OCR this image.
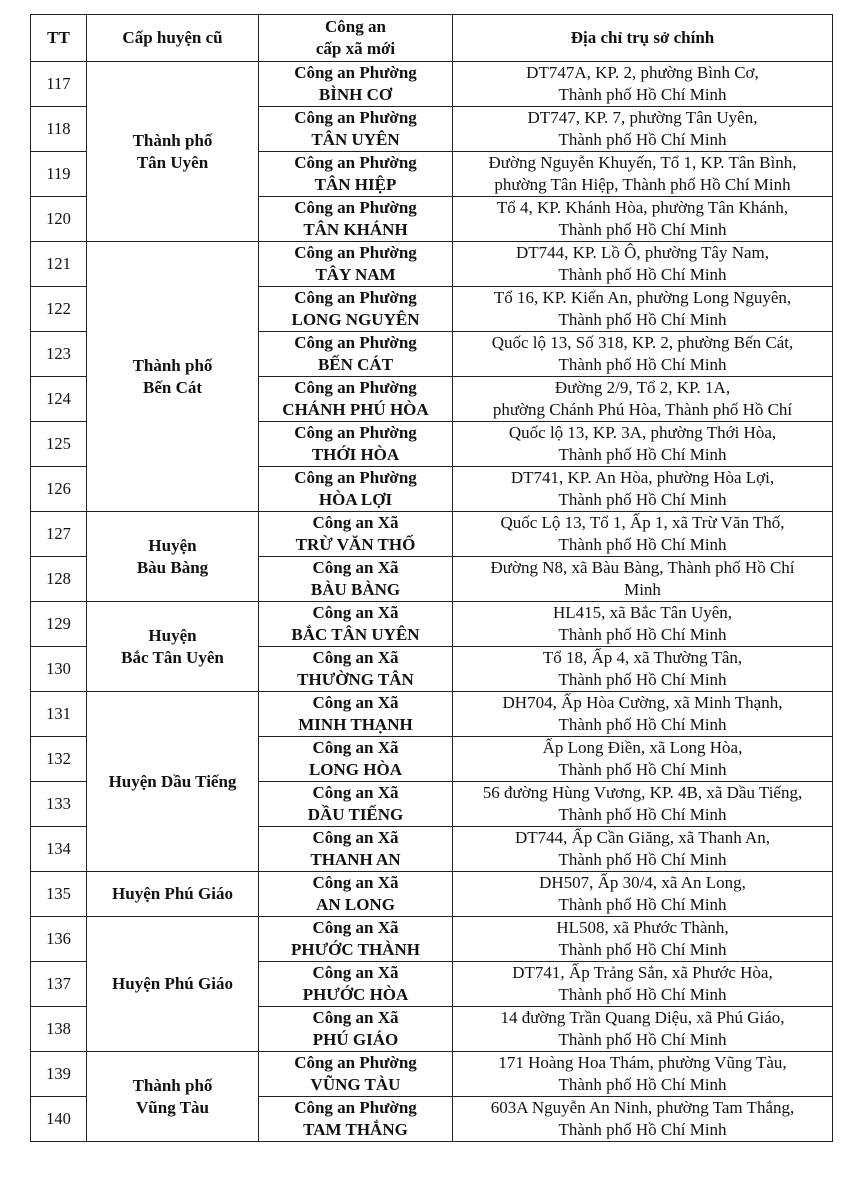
TT	Cấp huyện cũ	Công an
cấp xã mới	Địa chỉ trụ sở chính
117	Thành phố
Tân Uyên	Công an Phường
BÌNH CƠ	DT747A, KP. 2, phường Bình Cơ,
Thành phố Hồ Chí Minh

118		Công an Phường
TÂN UYÊN	DT747, KP. 7, phường Tân Uyên,
Thành phố Hồ Chí Minh

119		Công an Phường
TÂN HIỆP	Đường Nguyễn Khuyến, Tổ 1, KP. Tân Bình,
phường Tân Hiệp, Thành phố Hồ Chí Minh

120		Công an Phường
TÂN KHÁNH	Tổ 4, KP. Khánh Hòa, phường Tân Khánh,
Thành phố Hồ Chí Minh

121	Thành phố
Bến Cát	Công an Phường
TÂY NAM	DT744, KP. Lồ Ô, phường Tây Nam,
Thành phố Hồ Chí Minh

122		Công an Phường
LONG NGUYÊN	Tổ 16, KP. Kiến An, phường Long Nguyên,
Thành phố Hồ Chí Minh

123		Công an Phường
BẾN CÁT	Quốc lộ 13, Số 318, KP. 2, phường Bến Cát,
Thành phố Hồ Chí Minh

124		Công an Phường
CHÁNH PHÚ HÒA	Đường 2/9, Tổ 2, KP. 1A,
phường Chánh Phú Hòa, Thành phố Hồ Chí

125		Công an Phường
THỚI HÒA	Quốc lộ 13, KP. 3A, phường Thới Hòa,
Thành phố Hồ Chí Minh

126		Công an Phường
HÒA LỢI	DT741, KP. An Hòa, phường Hòa Lợi,
Thành phố Hồ Chí Minh

127	Huyện
Bàu Bàng	Công an Xã
TRỪ VĂN THỐ	Quốc Lộ 13, Tổ 1, Ấp 1, xã Trừ Văn Thố,
Thành phố Hồ Chí Minh

128		Công an Xã
BÀU BÀNG	Đường N8, xã Bàu Bàng, Thành phố Hồ Chí
Minh

129	Huyện
Bắc Tân Uyên	Công an Xã
BẮC TÂN UYÊN	HL415, xã Bắc Tân Uyên,
Thành phố Hồ Chí Minh

130		Công an Xã
THƯỜNG TÂN	Tổ 18, Ấp 4, xã Thường Tân,
Thành phố Hồ Chí Minh

131	Huyện Dầu Tiếng	Công an Xã
MINH THẠNH	DH704, Ấp Hòa Cường, xã Minh Thạnh,
Thành phố Hồ Chí Minh

132		Công an Xã
LONG HÒA	Ấp Long Điền, xã Long Hòa,
Thành phố Hồ Chí Minh

133		Công an Xã
DẦU TIẾNG	56 đường Hùng Vương, KP. 4B, xã Dầu Tiếng,
Thành phố Hồ Chí Minh

134		Công an Xã
THANH AN	DT744, Ấp Cần Giăng, xã Thanh An,
Thành phố Hồ Chí Minh

135	Huyện Phú Giáo	Công an Xã
AN LONG	DH507, Ấp 30/4, xã An Long,
Thành phố Hồ Chí Minh

136	Huyện Phú Giáo	Công an Xã
PHƯỚC THÀNH	HL508, xã Phước Thành,
Thành phố Hồ Chí Minh

137		Công an Xã
PHƯỚC HÒA	DT741, Ấp Trảng Sắn, xã Phước Hòa,
Thành phố Hồ Chí Minh

138		Công an Xã
PHÚ GIÁO	14 đường Trần Quang Diệu, xã Phú Giáo,
Thành phố Hồ Chí Minh

139	Thành phố
Vũng Tàu	Công an Phường
VŨNG TÀU	171 Hoàng Hoa Thám, phường Vũng Tàu,
Thành phố Hồ Chí Minh

140		Công an Phường
TAM THẮNG	603A Nguyễn An Ninh, phường Tam Thắng,
Thành phố Hồ Chí Minh
